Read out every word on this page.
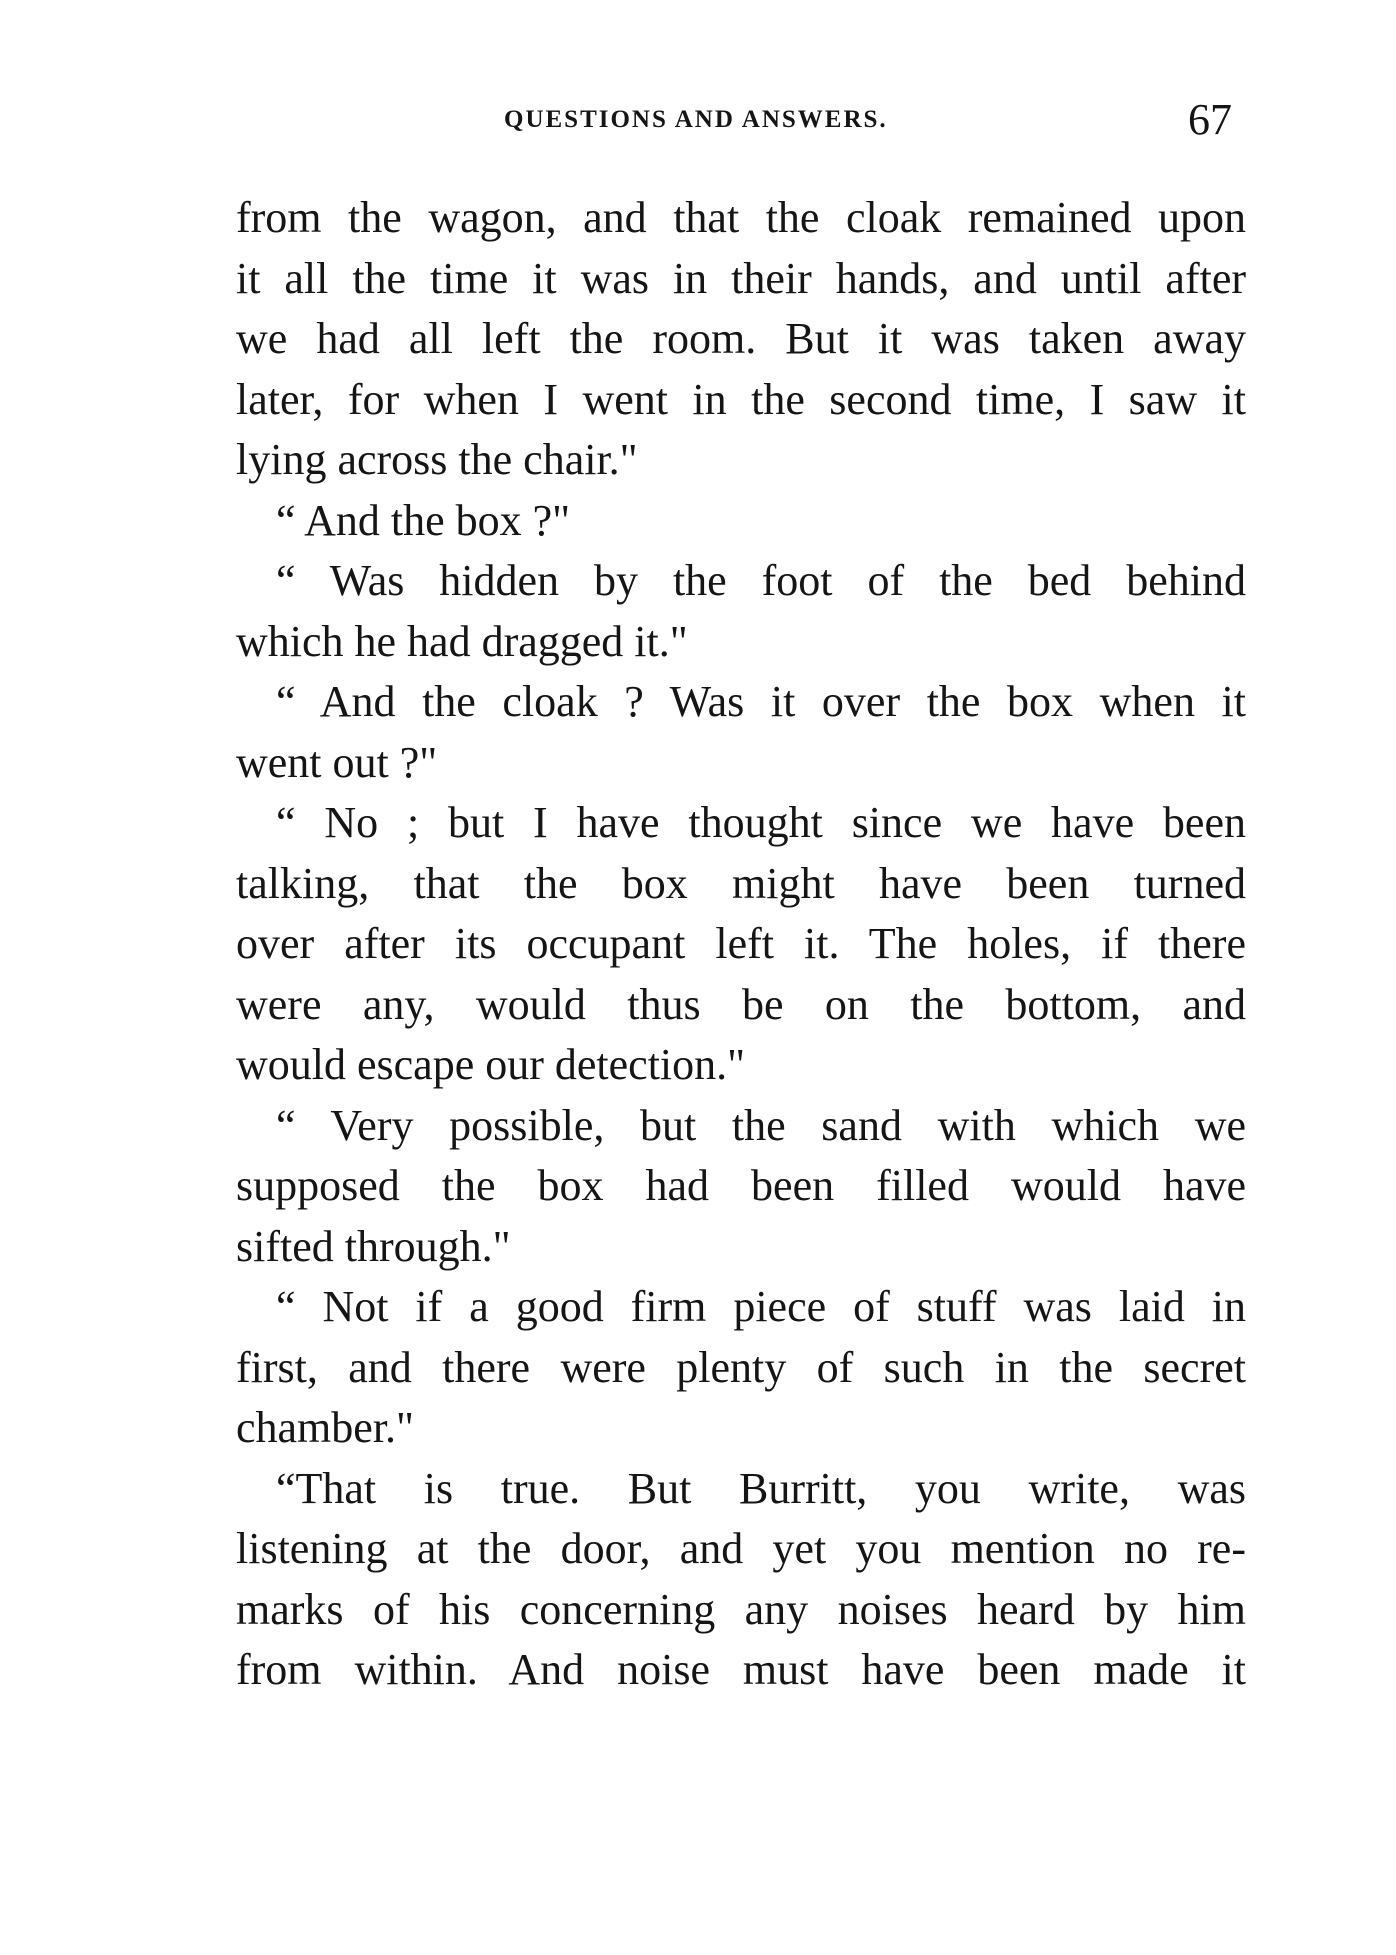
QUESTIONS AND ANSWERS.	67
from the wagon, and that the cloak remained upon
it all the time it was in their hands, and until after
we had all left the room. But it was taken away
later, for when I went in the second time, I saw it
lying across the chair."
“ And the box ?"
“ Was hidden by the foot of the bed behind
which he had dragged it."
“ And the cloak ? Was it over the box when it
went out ?"
“ No ; but I have thought since we have been
talking, that the box might have been turned
over after its occupant left it. The holes, if there
were any, would thus be on the bottom, and
would escape our detection."
“ Very possible, but the sand with which we
supposed the box had been filled would have
sifted through."
“ Not if a good firm piece of stuff was laid in
first, and there were plenty of such in the secret
chamber."
“That is true. But Burritt, you write, was
listening at the door, and yet you mention no re-
marks of his concerning any noises heard by him
from within. And noise must have been made it
